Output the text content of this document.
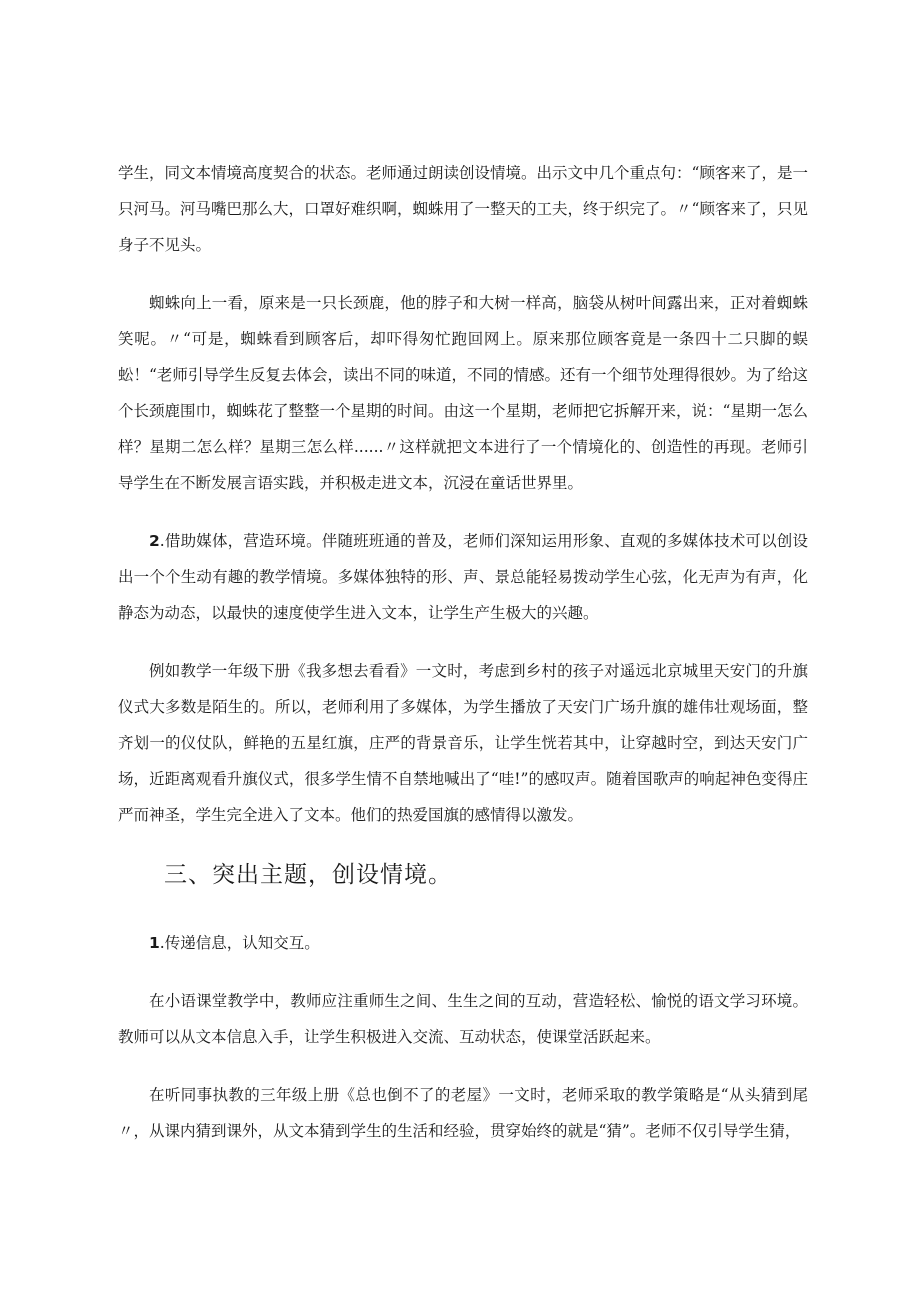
学生，同文本情境高度契合的状态。老师通过朗读创设情境。出示文中几个重点句：“顾客来了，是一只河马。河马嘴巴那么大，口罩好难织啊，蜘蛛用了一整天的工夫，终于织完了。〃“顾客来了，只见身子不见头。

蜘蛛向上一看，原来是一只长颈鹿，他的脖子和大树一样高，脑袋从树叶间露出来，正对着蜘蛛笑呢。〃“可是，蜘蛛看到顾客后，却吓得匆忙跑回网上。原来那位顾客竟是一条四十二只脚的蜈蚣！“老师引导学生反复去体会，读出不同的味道，不同的情感。还有一个细节处理得很妙。为了给这个长颈鹿围巾，蜘蛛花了整整一个星期的时间。由这一个星期，老师把它拆解开来，说：“星期一怎么样？星期二怎么样？星期三怎么样......〃这样就把文本进行了一个情境化的、创造性的再现。老师引导学生在不断发展言语实践，并积极走进文本，沉浸在童话世界里。

2.借助媒体，营造环境。伴随班班通的普及，老师们深知运用形象、直观的多媒体技术可以创设出一个个生动有趣的教学情境。多媒体独特的形、声、景总能轻易拨动学生心弦，化无声为有声，化静态为动态，以最快的速度使学生进入文本，让学生产生极大的兴趣。

例如教学一年级下册《我多想去看看》一文时，考虑到乡村的孩子对遥远北京城里天安门的升旗仪式大多数是陌生的。所以，老师利用了多媒体，为学生播放了天安门广场升旗的雄伟壮观场面，整齐划一的仪仗队，鲜艳的五星红旗，庄严的背景音乐，让学生恍若其中，让穿越时空，到达天安门广场，近距离观看升旗仪式，很多学生情不自禁地喊出了“哇!”的感叹声。随着国歌声的响起神色变得庄严而神圣，学生完全进入了文本。他们的热爱国旗的感情得以激发。

三、突出主题，创设情境。

1.传递信息，认知交互。

在小语课堂教学中，教师应注重师生之间、生生之间的互动，营造轻松、愉悦的语文学习环境。教师可以从文本信息入手，让学生积极进入交流、互动状态，使课堂活跃起来。

在听同事执教的三年级上册《总也倒不了的老屋》一文时，老师采取的教学策略是“从头猜到尾〃，从课内猜到课外，从文本猜到学生的生活和经验，贯穿始终的就是“猜”。老师不仅引导学生猜，
